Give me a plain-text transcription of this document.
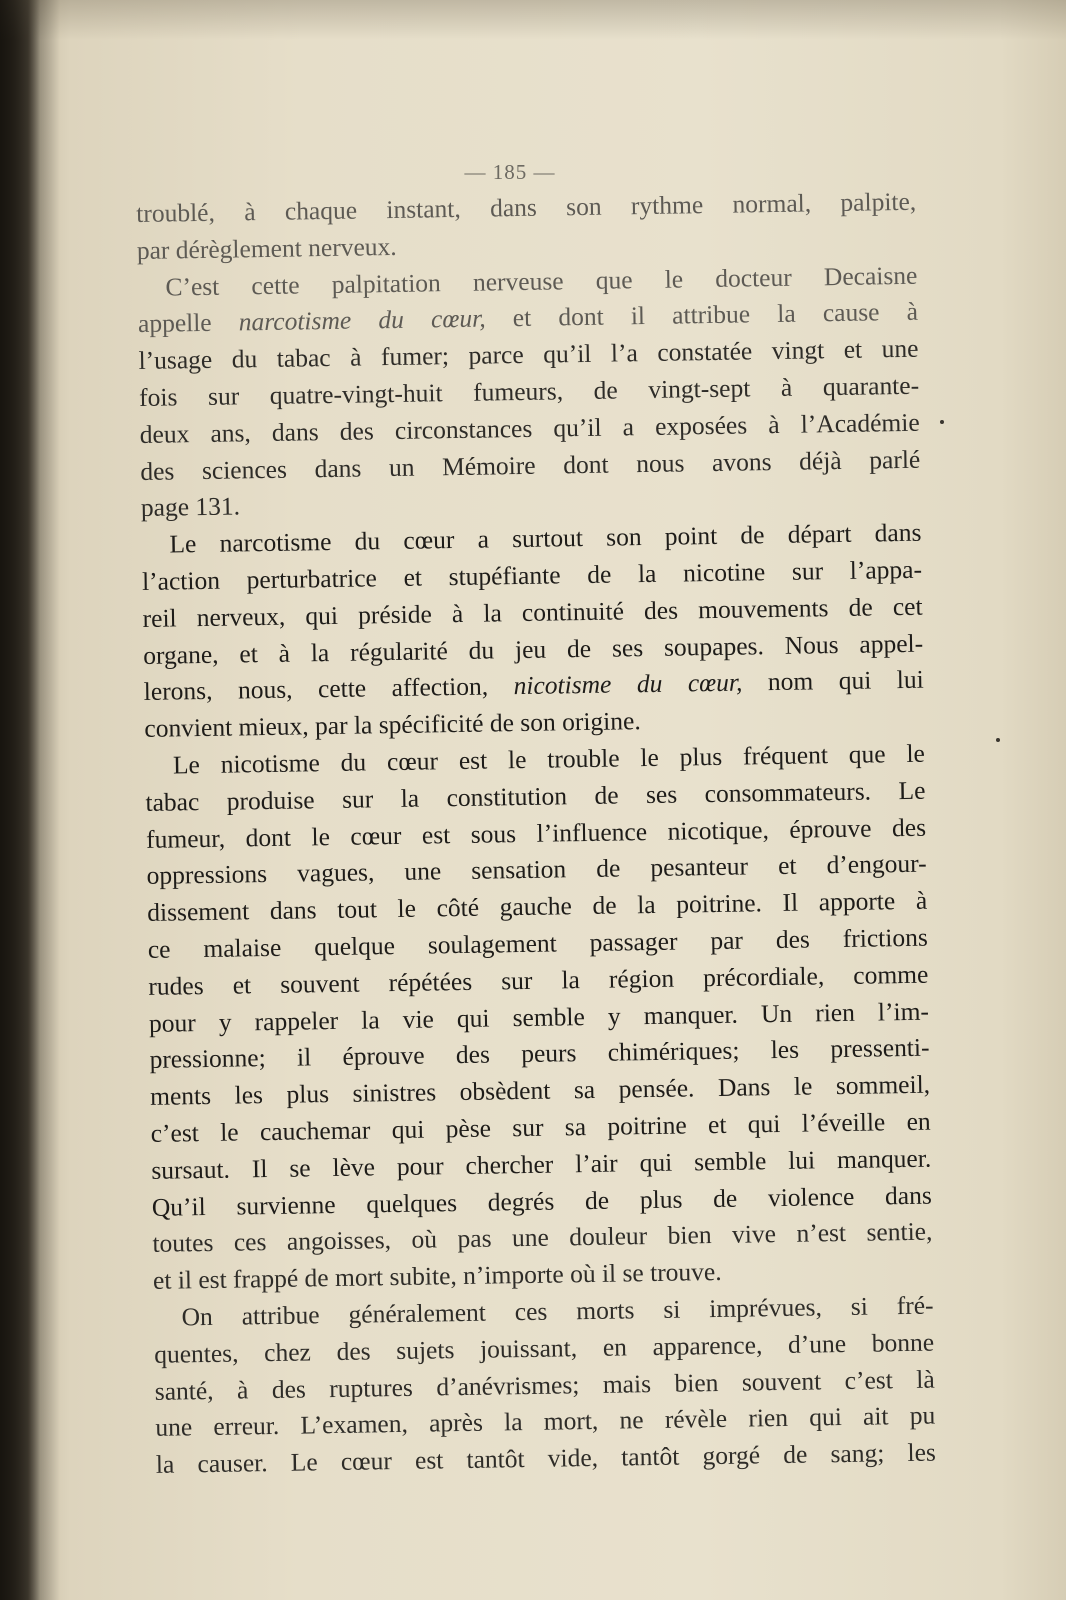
— 185 —
troublé, à chaque instant, dans son rythme normal, palpite,
par dérèglement nerveux.
C’est cette palpitation nerveuse que le docteur Decaisne
appelle narcotisme du cœur, et dont il attribue la cause à
l’usage du tabac à fumer; parce qu’il l’a constatée vingt et une
fois sur quatre-vingt-huit fumeurs, de vingt-sept à quarante-
deux ans, dans des circonstances qu’il a exposées à l’Académie
des sciences dans un Mémoire dont nous avons déjà parlé
page 131.
Le narcotisme du cœur a surtout son point de départ dans
l’action perturbatrice et stupéfiante de la nicotine sur l’appa-
reil nerveux, qui préside à la continuité des mouvements de cet
organe, et à la régularité du jeu de ses soupapes. Nous appel-
lerons, nous, cette affection, nicotisme du cœur, nom qui lui
convient mieux, par la spécificité de son origine.
Le nicotisme du cœur est le trouble le plus fréquent que le
tabac produise sur la constitution de ses consommateurs. Le
fumeur, dont le cœur est sous l’influence nicotique, éprouve des
oppressions vagues, une sensation de pesanteur et d’engour-
dissement dans tout le côté gauche de la poitrine. Il apporte à
ce malaise quelque soulagement passager par des frictions
rudes et souvent répétées sur la région précordiale, comme
pour y rappeler la vie qui semble y manquer. Un rien l’im-
pressionne; il éprouve des peurs chimériques; les pressenti-
ments les plus sinistres obsèdent sa pensée. Dans le sommeil,
c’est le cauchemar qui pèse sur sa poitrine et qui l’éveille en
sursaut. Il se lève pour chercher l’air qui semble lui manquer.
Qu’il survienne quelques degrés de plus de violence dans
toutes ces angoisses, où pas une douleur bien vive n’est sentie,
et il est frappé de mort subite, n’importe où il se trouve.
On attribue généralement ces morts si imprévues, si fré-
quentes, chez des sujets jouissant, en apparence, d’une bonne
santé, à des ruptures d’anévrismes; mais bien souvent c’est là
une erreur. L’examen, après la mort, ne révèle rien qui ait pu
la causer. Le cœur est tantôt vide, tantôt gorgé de sang; les
